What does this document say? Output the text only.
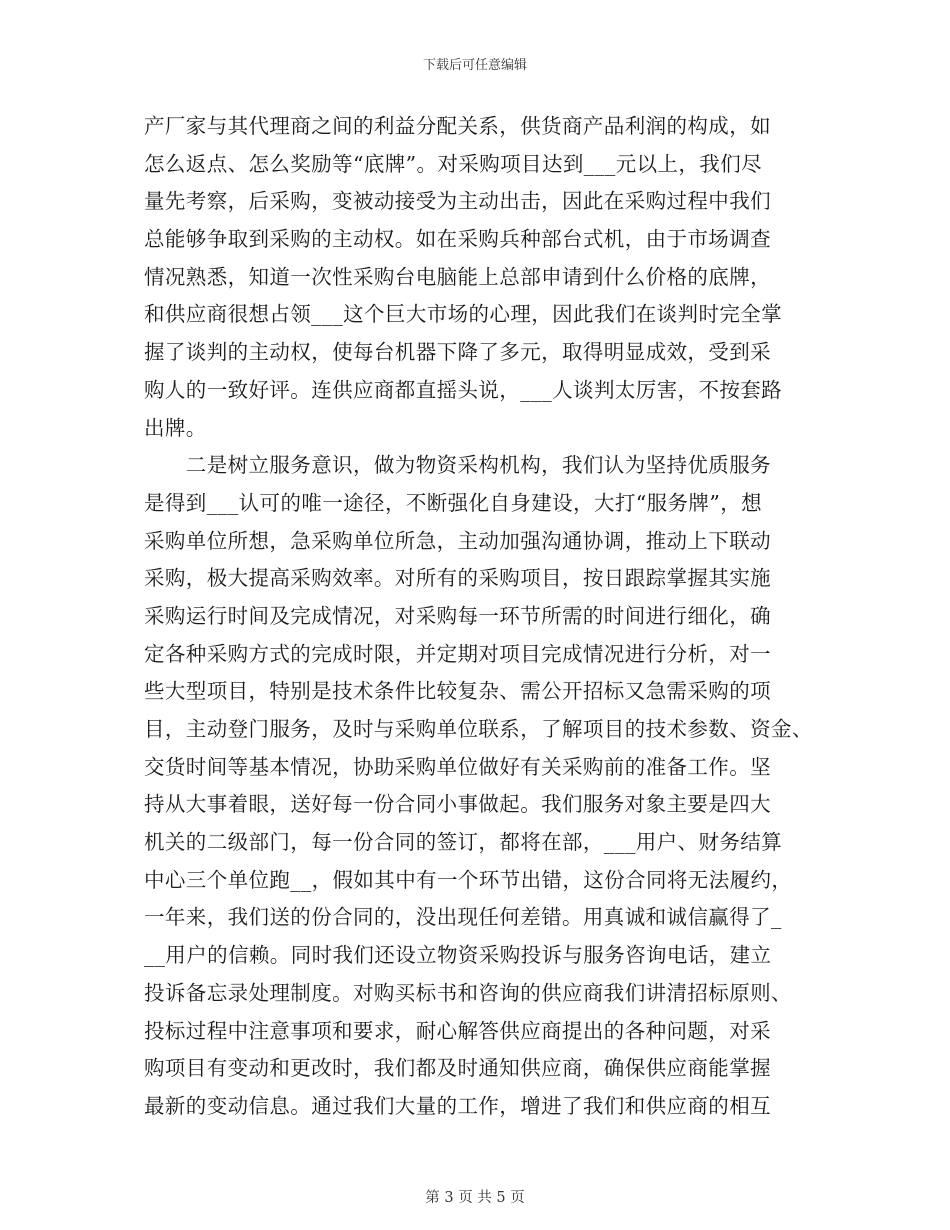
下载后可任意编辑
产厂家与其代理商之间的利益分配关系，供货商产品利润的构成，如
怎么返点、怎么奖励等“底牌”。对采购项目达到___元以上，我们尽
量先考察，后采购，变被动接受为主动出击，因此在采购过程中我们
总能够争取到采购的主动权。如在采购兵种部台式机，由于市场调查
情况熟悉，知道一次性采购台电脑能上总部申请到什么价格的底牌，
和供应商很想占领___这个巨大市场的心理，因此我们在谈判时完全掌
握了谈判的主动权，使每台机器下降了多元，取得明显成效，受到采
购人的一致好评。连供应商都直摇头说，___人谈判太厉害，不按套路
出牌。
　　二是树立服务意识，做为物资采构机构，我们认为坚持优质服务
是得到___认可的唯一途径，不断强化自身建设，大打“服务牌”，想
采购单位所想，急采购单位所急，主动加强沟通协调，推动上下联动
采购，极大提高采购效率。对所有的采购项目，按日跟踪掌握其实施
采购运行时间及完成情况，对采购每一环节所需的时间进行细化，确
定各种采购方式的完成时限，并定期对项目完成情况进行分析，对一
些大型项目，特别是技术条件比较复杂、需公开招标又急需采购的项
目，主动登门服务，及时与采购单位联系，了解项目的技术参数、资金、
交货时间等基本情况，协助采购单位做好有关采购前的准备工作。坚
持从大事着眼，送好每一份合同小事做起。我们服务对象主要是四大
机关的二级部门，每一份合同的签订，都将在部，___用户、财务结算
中心三个单位跑__，假如其中有一个环节出错，这份合同将无法履约，
一年来，我们送的份合同的，没出现任何差错。用真诚和诚信赢得了_
__用户的信赖。同时我们还设立物资采购投诉与服务咨询电话，建立
投诉备忘录处理制度。对购买标书和咨询的供应商我们讲清招标原则、
投标过程中注意事项和要求，耐心解答供应商提出的各种问题，对采
购项目有变动和更改时，我们都及时通知供应商，确保供应商能掌握
最新的变动信息。通过我们大量的工作，增进了我们和供应商的相互
第 3 页 共 5 页
